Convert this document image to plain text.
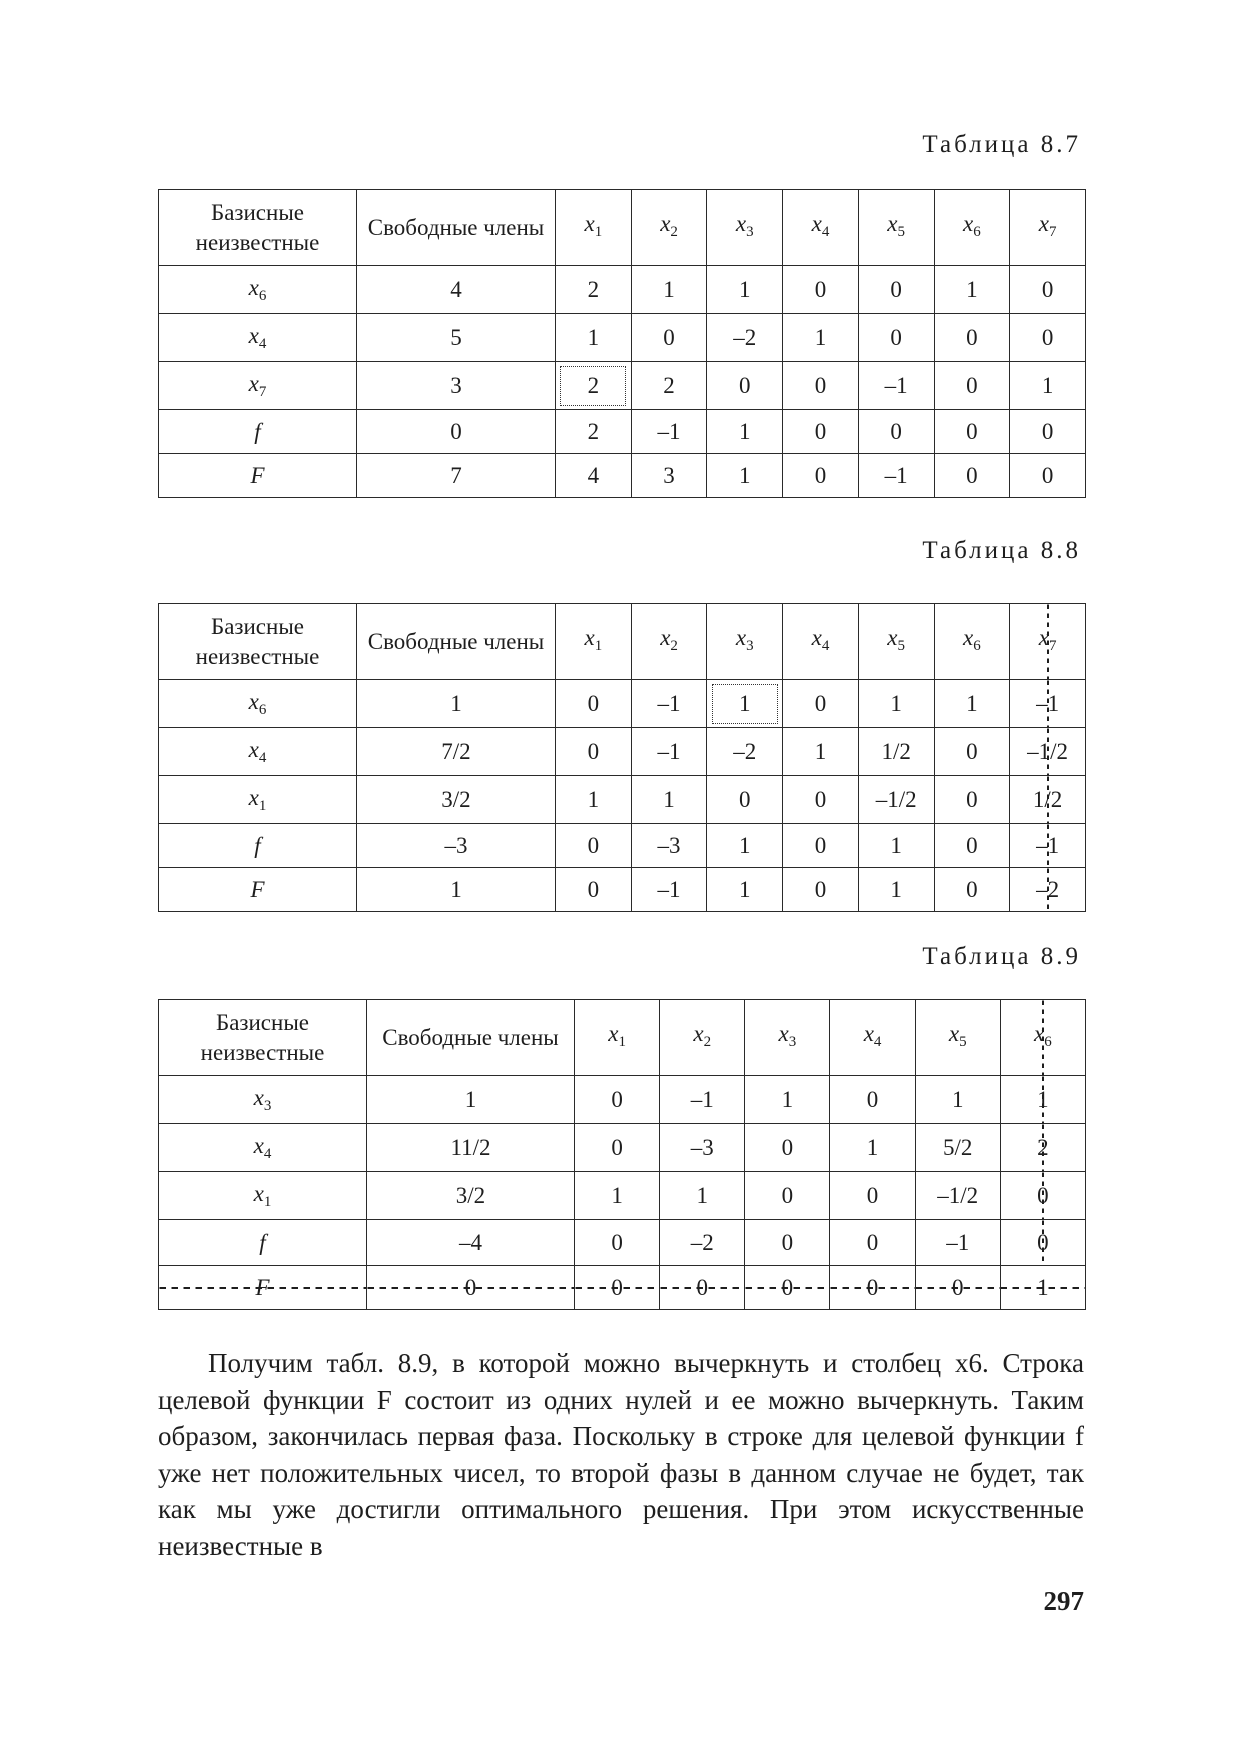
Таблица 8.7
Базисные неизвестные	Свободные члены	$x_1$	$x_2$	$x_3$	$x_4$	$x_5$	$x_6$	$x_7$
$x_6$	4	2	1	1	0	0	1	0
$x_4$	5	1	0	–2	1	0	0	0
$x_7$	3	2	2	0	0	–1	0	1
f	0	2	–1	1	0	0	0	0
F	7	4	3	1	0	–1	0	0
Таблица 8.8
Базисные неизвестные	Свободные члены	$x_1$	$x_2$	$x_3$	$x_4$	$x_5$	$x_6$	$x_7$
$x_6$	1	0	–1	1	0	1	1	–1
$x_4$	7/2	0	–1	–2	1	1/2	0	–1/2
$x_1$	3/2	1	1	0	0	–1/2	0	1/2
f	–3	0	–3	1	0	1	0	–1
F	1	0	–1	1	0	1	0	–2
Таблица 8.9
Базисные неизвестные	Свободные члены	$x_1$	$x_2$	$x_3$	$x_4$	$x_5$	$x_6$
$x_3$	1	0	–1	1	0	1	1
$x_4$	11/2	0	–3	0	1	5/2	2
$x_1$	3/2	1	1	0	0	–1/2	0
f	–4	0	–2	0	0	–1	0
F	0	0	0	0	0	0	1

Получим табл. 8.9, в которой можно вычеркнуть и столбец x6. Строка целевой функции F состоит из одних нулей и ее можно вычеркнуть. Таким образом, закончилась первая фаза. Поскольку в строке для целевой функции f уже нет положительных чисел, то второй фазы в данном случае не будет, так как мы уже достигли оптимального решения. При этом искусственные неизвестные в

297
